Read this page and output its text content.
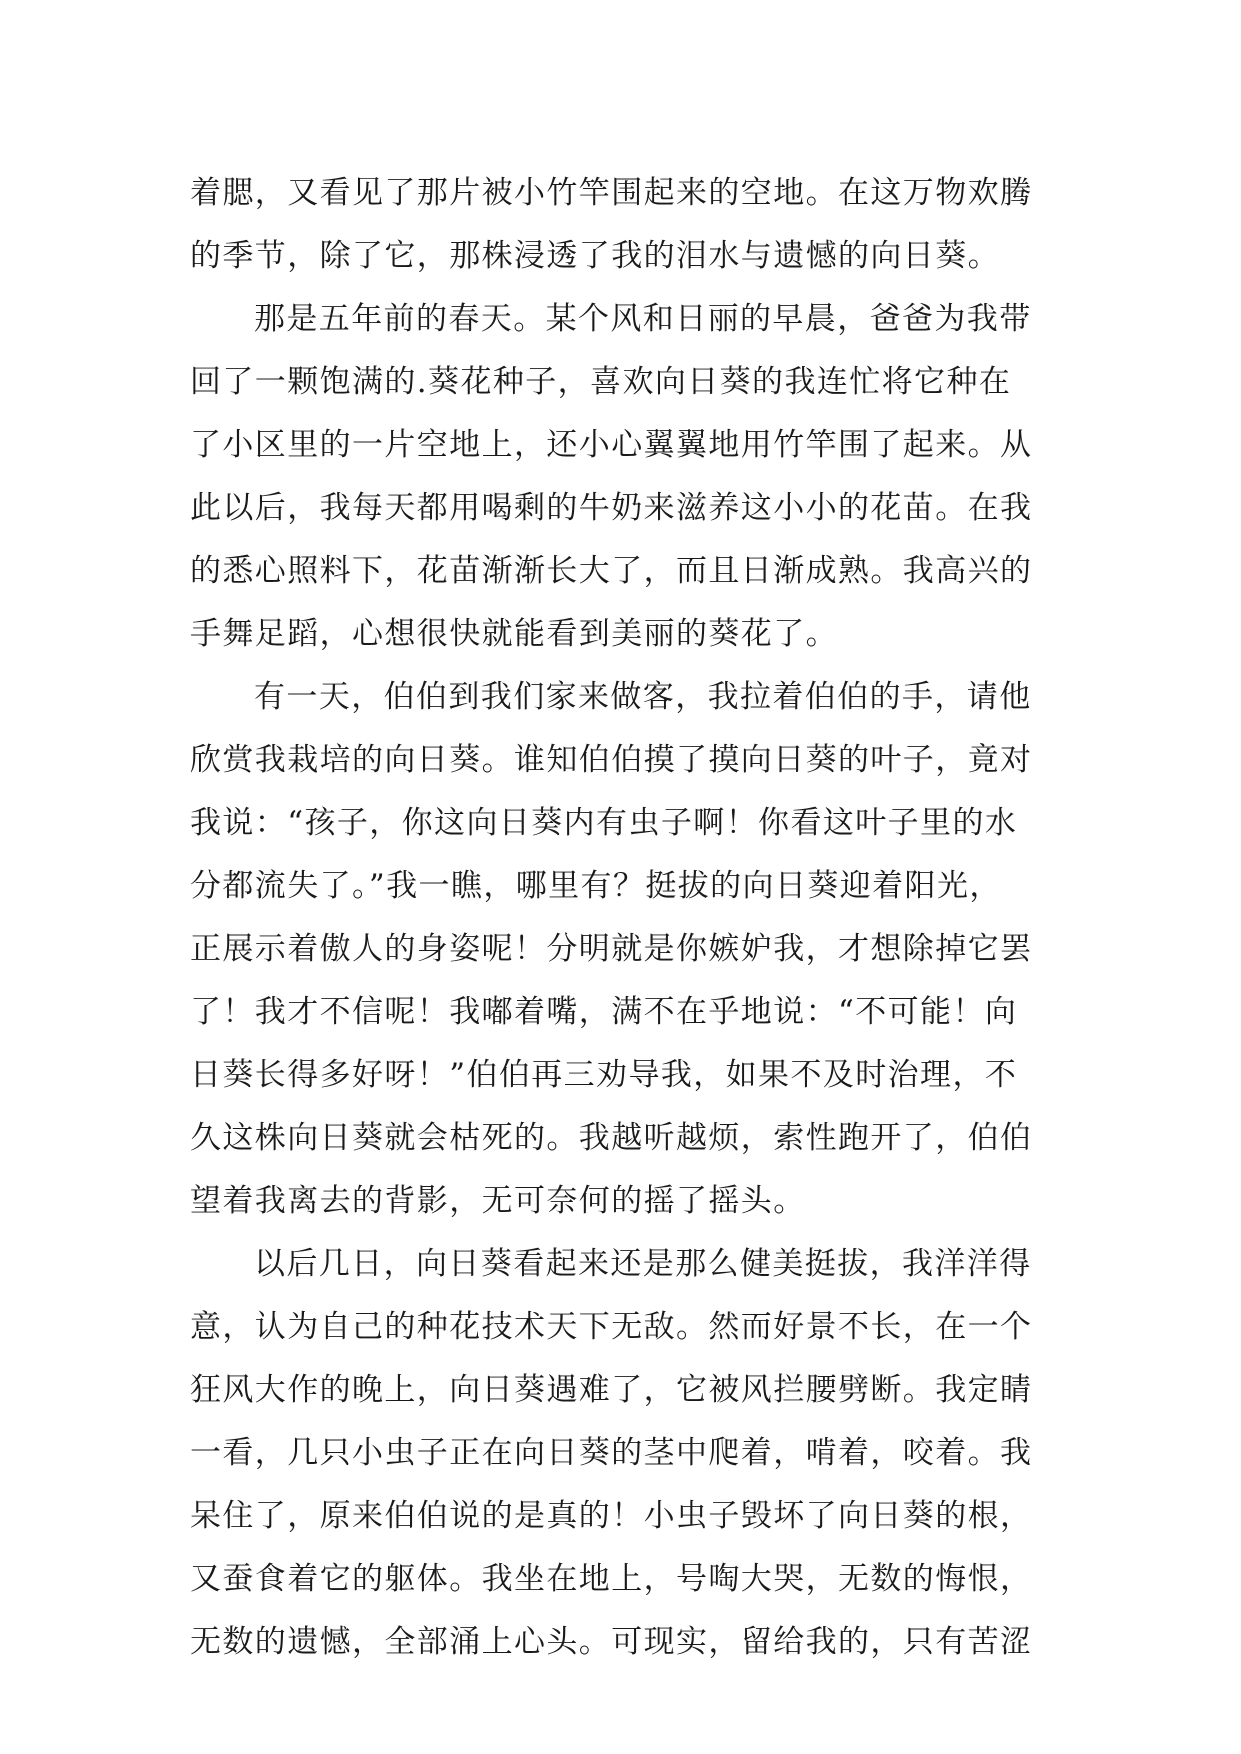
着腮，又看见了那片被小竹竿围起来的空地。在这万物欢腾
的季节，除了它，那株浸透了我的泪水与遗憾的向日葵。
那是五年前的春天。某个风和日丽的早晨，爸爸为我带
回了一颗饱满的.葵花种子，喜欢向日葵的我连忙将它种在
了小区里的一片空地上，还小心翼翼地用竹竿围了起来。从
此以后，我每天都用喝剩的牛奶来滋养这小小的花苗。在我
的悉心照料下，花苗渐渐长大了，而且日渐成熟。我高兴的
手舞足蹈，心想很快就能看到美丽的葵花了。
有一天，伯伯到我们家来做客，我拉着伯伯的手，请他
欣赏我栽培的向日葵。谁知伯伯摸了摸向日葵的叶子，竟对
我说：“孩子，你这向日葵内有虫子啊！你看这叶子里的水
分都流失了。”我一瞧，哪里有？挺拔的向日葵迎着阳光，
正展示着傲人的身姿呢！分明就是你嫉妒我，才想除掉它罢
了！我才不信呢！我嘟着嘴，满不在乎地说：“不可能！向
日葵长得多好呀！”伯伯再三劝导我，如果不及时治理，不
久这株向日葵就会枯死的。我越听越烦，索性跑开了，伯伯
望着我离去的背影，无可奈何的摇了摇头。
以后几日，向日葵看起来还是那么健美挺拔，我洋洋得
意，认为自己的种花技术天下无敌。然而好景不长，在一个
狂风大作的晚上，向日葵遇难了，它被风拦腰劈断。我定睛
一看，几只小虫子正在向日葵的茎中爬着，啃着，咬着。我
呆住了，原来伯伯说的是真的！小虫子毁坏了向日葵的根，
又蚕食着它的躯体。我坐在地上，号啕大哭，无数的悔恨，
无数的遗憾，全部涌上心头。可现实，留给我的，只有苦涩
